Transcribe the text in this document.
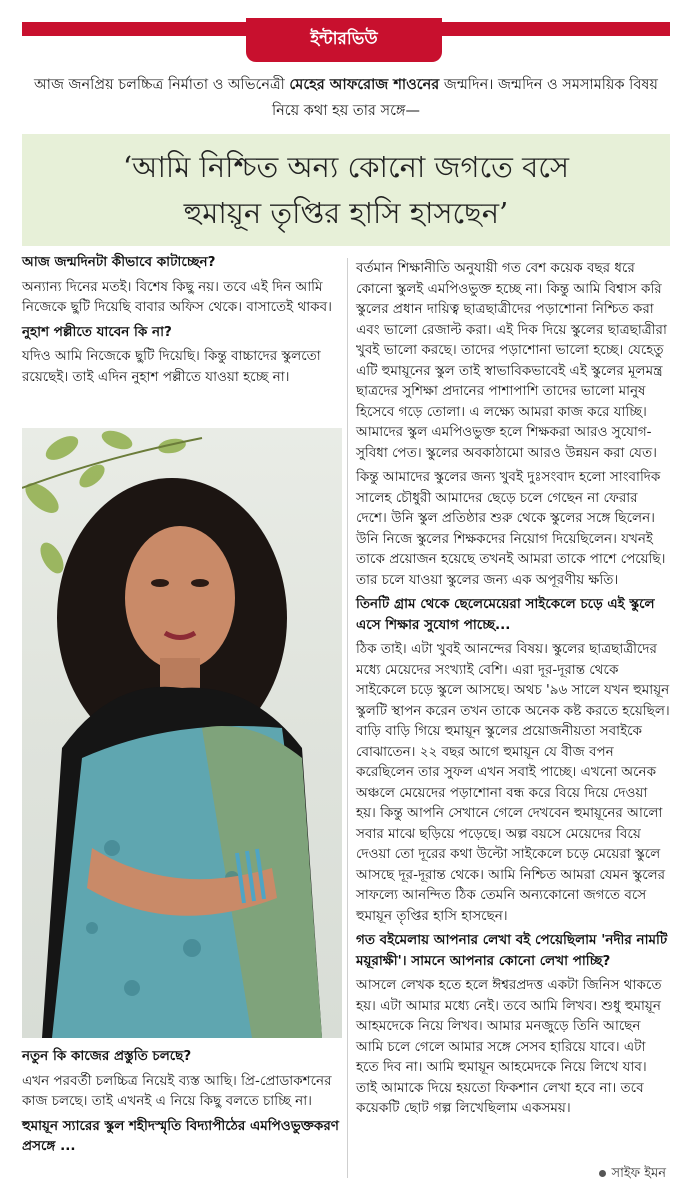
ইন্টারভিউ
আজ জনপ্রিয় চলচ্চিত্র নির্মাতা ও অভিনেত্রী মেহের আফরোজ শাওনের জন্মদিন। জন্মদিন ও সমসাময়িক বিষয় নিয়ে কথা হয় তার সঙ্গে—
‘আমি নিশ্চিত অন্য কোনো জগতে বসে
হুমায়ূন তৃপ্তির হাসি হাসছেন’

আজ জন্মদিনটা কীভাবে কাটাচ্ছেন?

অন্যান্য দিনের মতই। বিশেষ কিছু নয়। তবে এই দিন আমি নিজেকে ছুটি দিয়েছি বাবার অফিস থেকে। বাসাতেই থাকব।

নুহাশ পল্লীতে যাবেন কি না?

যদিও আমি নিজেকে ছুটি দিয়েছি। কিন্তু বাচ্চাদের স্কুলতো রয়েছেই। তাই এদিন নুহাশ পল্লীতে যাওয়া হচ্ছে না।

নতুন কি কাজের প্রস্তুতি চলছে?

এখন পরবর্তী চলচ্চিত্র নিয়েই ব্যস্ত আছি। প্রি-প্রোডাকশনের কাজ চলছে। তাই এখনই এ নিয়ে কিছু বলতে চাচ্ছি না।

হুমায়ূন স্যারের স্কুল শহীদস্মৃতি বিদ্যাপীঠের এমপিওভুক্তকরণ প্রসঙ্গে ...

বর্তমান শিক্ষানীতি অনুযায়ী গত বেশ কয়েক বছর ধরে কোনো স্কুলই এমপিওভুক্ত হচ্ছে না। কিন্তু আমি বিশ্বাস করি স্কুলের প্রধান দায়িত্ব ছাত্রছাত্রীদের পড়াশোনা নিশ্চিত করা এবং ভালো রেজাল্ট করা। এই দিক দিয়ে স্কুলের ছাত্রছাত্রীরা খুবই ভালো করছে। তাদের পড়াশোনা ভালো হচ্ছে। যেহেতু এটি হুমায়ূনের স্কুল তাই স্বাভাবিকভাবেই এই স্কুলের মূলমন্ত্র ছাত্রদের সুশিক্ষা প্রদানের পাশাপাশি তাদের ভালো মানুষ হিসেবে গড়ে তোলা। এ লক্ষ্যে আমরা কাজ করে যাচ্ছি। আমাদের স্কুল এমপিওভুক্ত হলে শিক্ষকরা আরও সুযোগ-সুবিধা পেত। স্কুলের অবকাঠামো আরও উন্নয়ন করা যেত।

কিন্তু আমাদের স্কুলের জন্য খুবই দুঃসংবাদ হলো সাংবাদিক সালেহ চৌধুরী আমাদের ছেড়ে চলে গেছেন না ফেরার দেশে। উনি স্কুল প্রতিষ্ঠার শুরু থেকে স্কুলের সঙ্গে ছিলেন। উনি নিজে স্কুলের শিক্ষকদের নিয়োগ দিয়েছিলেন। যখনই তাকে প্রয়োজন হয়েছে তখনই আমরা তাকে পাশে পেয়েছি। তার চলে যাওয়া স্কুলের জন্য এক অপূরণীয় ক্ষতি।

তিনটি গ্রাম থেকে ছেলেমেয়েরা সাইকেলে চড়ে এই স্কুলে এসে শিক্ষার সুযোগ পাচ্ছে...

ঠিক তাই। এটা খুবই আনন্দের বিষয়। স্কুলের ছাত্রছাত্রীদের মধ্যে মেয়েদের সংখ্যাই বেশি। এরা দূর-দূরান্ত থেকে সাইকেলে চড়ে স্কুলে আসছে। অথচ '৯৬ সালে যখন হুমায়ূন স্কুলটি স্থাপন করেন তখন তাকে অনেক কষ্ট করতে হয়েছিল। বাড়ি বাড়ি গিয়ে হুমায়ূন স্কুলের প্রয়োজনীয়তা সবাইকে বোঝাতেন। ২২ বছর আগে হুমায়ূন যে বীজ বপন করেছিলেন তার সুফল এখন সবাই পাচ্ছে। এখনো অনেক অঞ্চলে মেয়েদের পড়াশোনা বন্ধ করে বিয়ে দিয়ে দেওয়া হয়। কিন্তু আপনি সেখানে গেলে দেখবেন হুমায়ূনের আলো সবার মাঝে ছড়িয়ে পড়েছে। অল্প বয়সে মেয়েদের বিয়ে দেওয়া তো দূরের কথা উল্টো সাইকেলে চড়ে মেয়েরা স্কুলে আসছে দূর-দূরান্ত থেকে। আমি নিশ্চিত আমরা যেমন স্কুলের সাফল্যে আনন্দিত ঠিক তেমনি অন্যকোনো জগতে বসে হুমায়ূন তৃপ্তির হাসি হাসছেন।

গত বইমেলায় আপনার লেখা বই পেয়েছিলাম 'নদীর নামটি ময়ূরাক্ষী'। সামনে আপনার কোনো লেখা পাচ্ছি?

আসলে লেখক হতে হলে ঈশ্বরপ্রদত্ত একটা জিনিস থাকতে হয়। এটা আমার মধ্যে নেই। তবে আমি লিখব। শুধু হুমায়ূন আহমদেকে নিয়ে লিখব। আমার মনজুড়ে তিনি আছেন আমি চলে গেলে আমার সঙ্গে সেসব হারিয়ে যাবে। এটা হতে দিব না। আমি হুমায়ূন আহমেদকে নিয়ে লিখে যাব। তাই আমাকে দিয়ে হয়তো ফিকশান লেখা হবে না। তবে কয়েকটি ছোট গল্প লিখেছিলাম একসময়।

সাইফ ইমন
